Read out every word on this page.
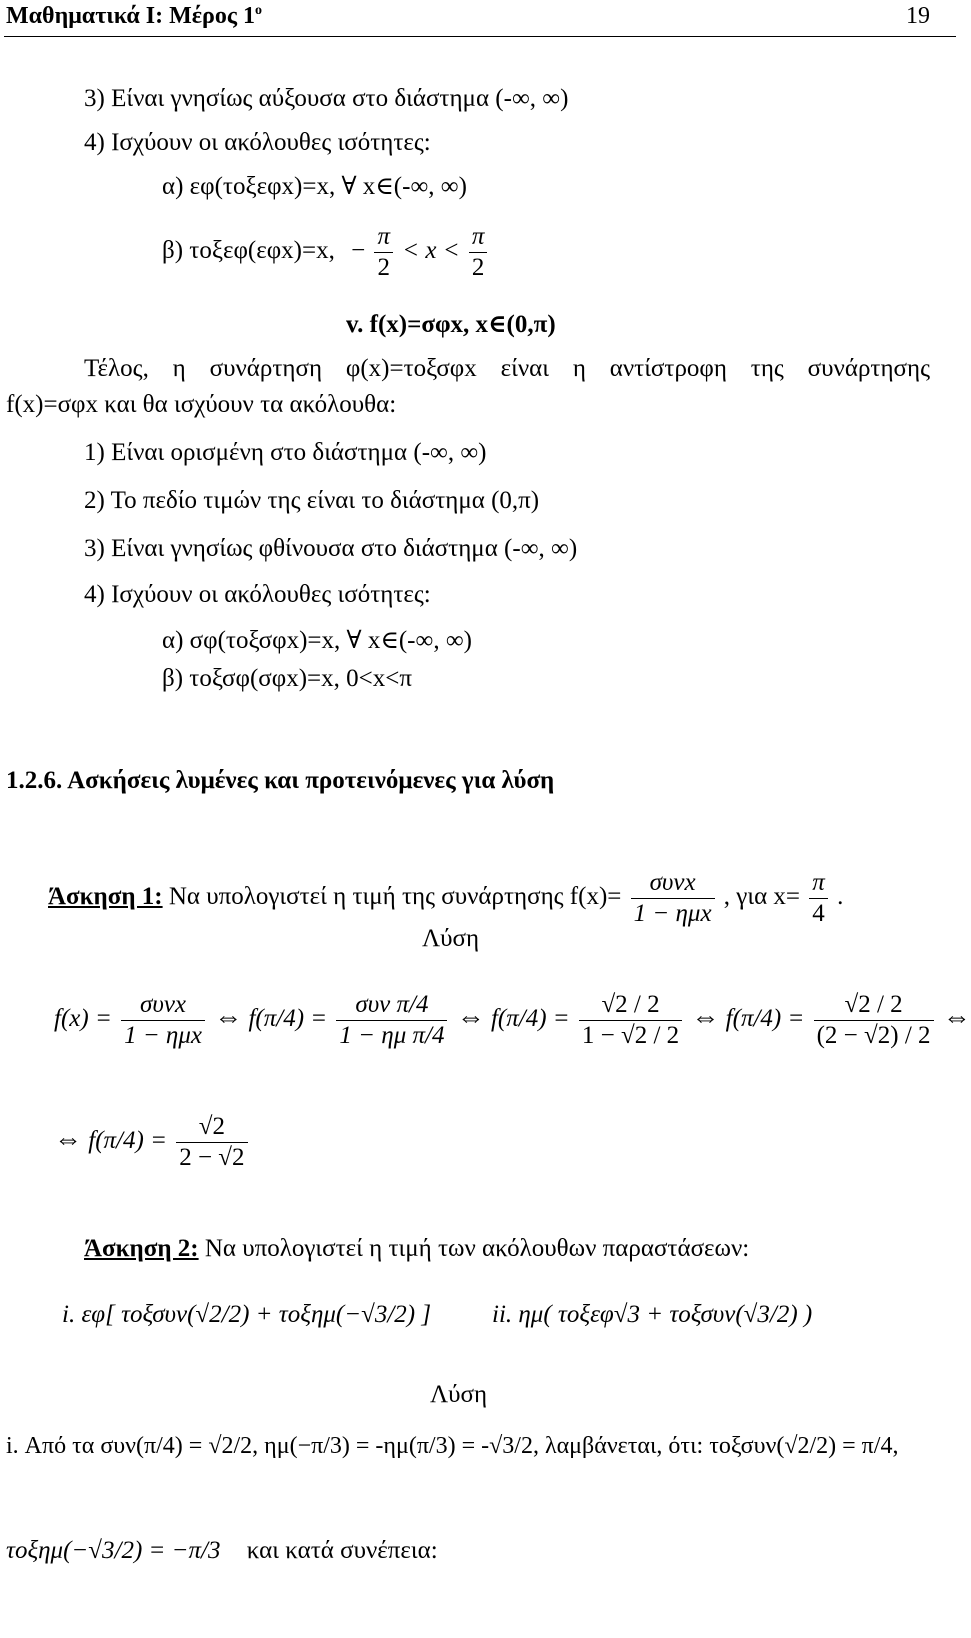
Μαθηματικά Ι: Μέρος $1^o$	19
3) Είναι γνησίως αύξουσα στο διάστημα (-∞, ∞)
4) Ισχύουν οι ακόλουθες ισότητες:
α) εφ(τοξεφx)=x, ∀ x∈(-∞, ∞)
β) τοξεφ(εφx)=x, − $\frac{\pi}{2} < x < \frac{\pi}{2}$
v. f(x)=σφx, x∈(0,π)
Τέλος, η συνάρτηση φ(x)=τοξσφx είναι η αντίστροφη της συνάρτησης
f(x)=σφx και θα ισχύουν τα ακόλουθα:
1) Είναι ορισμένη στο διάστημα (-∞, ∞)
2) Το πεδίο τιμών της είναι το διάστημα (0,π)
3) Είναι γνησίως φθίνουσα στο διάστημα (-∞, ∞)
4) Ισχύουν οι ακόλουθες ισότητες:
α) σφ(τοξσφx)=x, ∀ x∈(-∞, ∞)
β) τοξσφ(σφx)=x, 0<x<π
1.2.6. Ασκήσεις λυμένες και προτεινόμενες για λύση
Άσκηση 1: Να υπολογιστεί η τιμή της συνάρτησης $f(x)= \frac{\text{συνx}}{\text{1 − ημx}}$ , για $x= \frac{\pi}{4}$ .
Λύση
$f(x) = \frac{\text{συνx}}{\text{1 − ημx}}$ ⇔ $f(\pi/4) = \frac{\text{συν π/4}}{\text{1 − ημ π/4}}$ ⇔ $f(\pi/4) = \frac{√2 / 2}{1 - √2 / 2}$ ⇔ $f(\pi/4) = \frac{√2 / 2}{(2 - √2) / 2}$ ⇔
⇔ $f(\pi/4) = \frac{√2}{2 - √2}$
Άσκηση 2: Να υπολογιστεί η τιμή των ακόλουθων παραστάσεων:
i. εφ[ τοξσυν(√2/2) + τοξημ(−√3/2) ] ii. ημ( τοξεφ√3 + τοξσυν(√3/2) )
Λύση
i. Από τα συν(π/4) = √2/2, ημ(−π/3) = -ημ(π/3) = -√3/2, λαμβάνεται, ότι: τοξσυν(√2/2) = π/4,
τοξημ(−√3/2) = −π/3 και κατά συνέπεια:
